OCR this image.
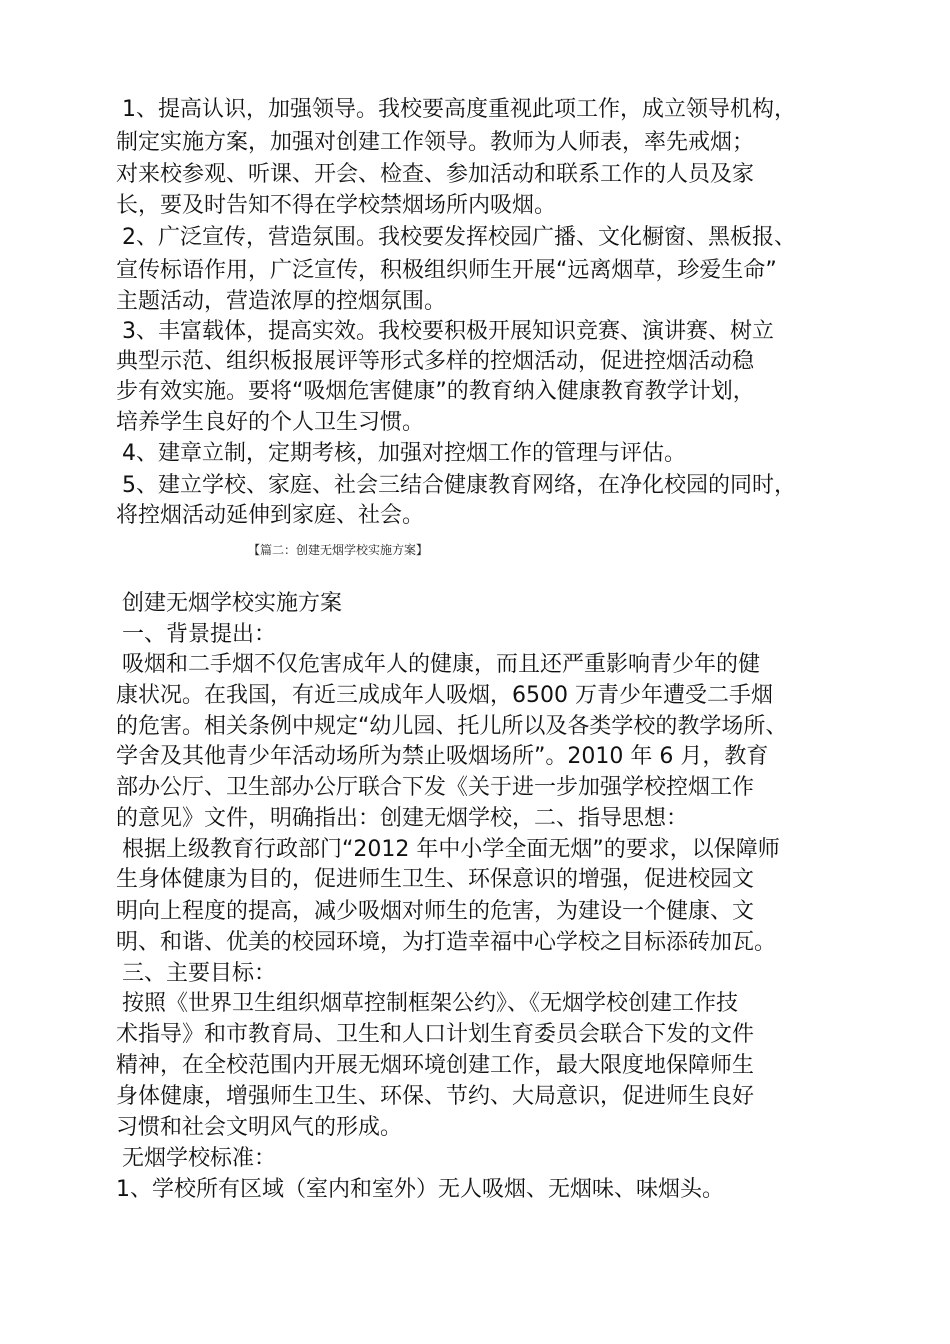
1、提高认识，加强领导。我校要高度重视此项工作，成立领导机构，
制定实施方案，加强对创建工作领导。教师为人师表，率先戒烟；
对来校参观、听课、开会、检查、参加活动和联系工作的人员及家
长，要及时告知不得在学校禁烟场所内吸烟。
2、广泛宣传，营造氛围。我校要发挥校园广播、文化橱窗、黑板报、
宣传标语作用，广泛宣传，积极组织师生开展“远离烟草，珍爱生命”
主题活动，营造浓厚的控烟氛围。
3、丰富载体，提高实效。我校要积极开展知识竞赛、演讲赛、树立
典型示范、组织板报展评等形式多样的控烟活动，促进控烟活动稳
步有效实施。要将“吸烟危害健康”的教育纳入健康教育教学计划，
培养学生良好的个人卫生习惯。
4、建章立制，定期考核，加强对控烟工作的管理与评估。
5、建立学校、家庭、社会三结合健康教育网络，在净化校园的同时，
将控烟活动延伸到家庭、社会。
【篇二：创建无烟学校实施方案】
创建无烟学校实施方案
一、背景提出：
吸烟和二手烟不仅危害成年人的健康，而且还严重影响青少年的健
康状况。在我国，有近三成成年人吸烟，6500 万青少年遭受二手烟
的危害。相关条例中规定“幼儿园、托儿所以及各类学校的教学场所、
学舍及其他青少年活动场所为禁止吸烟场所”。2010 年 6 月，教育
部办公厅、卫生部办公厅联合下发《关于进一步加强学校控烟工作
的意见》文件，明确指出：创建无烟学校，二、指导思想：
根据上级教育行政部门“2012 年中小学全面无烟”的要求，以保障师
生身体健康为目的，促进师生卫生、环保意识的增强，促进校园文
明向上程度的提高，减少吸烟对师生的危害，为建设一个健康、文
明、和谐、优美的校园环境，为打造幸福中心学校之目标添砖加瓦。
三、主要目标：
按照《世界卫生组织烟草控制框架公约》、《无烟学校创建工作技
术指导》和市教育局、卫生和人口计划生育委员会联合下发的文件
精神，在全校范围内开展无烟环境创建工作，最大限度地保障师生
身体健康，增强师生卫生、环保、节约、大局意识，促进师生良好
习惯和社会文明风气的形成。
无烟学校标准：
1、学校所有区域（室内和室外）无人吸烟、无烟味、味烟头。
